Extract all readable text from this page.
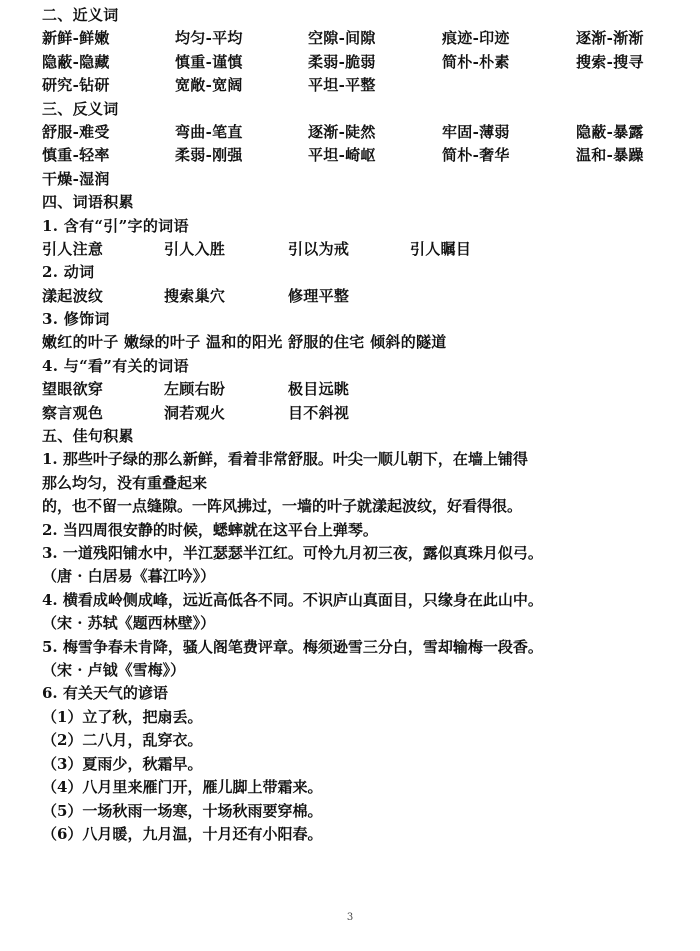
二、近义词
新鲜-鲜嫩	均匀-平均	空隙-间隙	痕迹-印迹	逐渐-渐渐
隐蔽-隐藏	慎重-谨慎	柔弱-脆弱	简朴-朴素	搜索-搜寻
研究-钻研	宽敞-宽阔	平坦-平整
三、反义词
舒服-难受	弯曲-笔直	逐渐-陡然	牢固-薄弱	隐蔽-暴露
慎重-轻率	柔弱-刚强	平坦-崎岖	简朴-奢华	温和-暴躁
干燥-湿润
四、词语积累
1. 含有“引”字的词语
引人注意	引人入胜	引以为戒	引人瞩目
2. 动词
漾起波纹	搜索巢穴	修理平整
3. 修饰词
嫩红的叶子 嫩绿的叶子 温和的阳光 舒服的住宅 倾斜的隧道
4. 与“看”有关的词语
望眼欲穿	左顾右盼	极目远眺
察言观色	洞若观火	目不斜视
五、佳句积累
1. 那些叶子绿的那么新鲜，看着非常舒服。叶尖一顺儿朝下，在墙上铺得
那么均匀，没有重叠起来
的，也不留一点缝隙。一阵风拂过，一墙的叶子就漾起波纹，好看得很。
2. 当四周很安静的时候，蟋蟀就在这平台上弹琴。
3. 一道残阳铺水中，半江瑟瑟半江红。可怜九月初三夜，露似真珠月似弓。
（唐 · 白居易《暮江吟》）
4. 横看成岭侧成峰，远近高低各不同。不识庐山真面目，只缘身在此山中。
（宋 · 苏轼《题西林壁》）
5. 梅雪争春未肯降，骚人阁笔费评章。梅须逊雪三分白，雪却输梅一段香。
（宋 · 卢钺《雪梅》）
6. 有关天气的谚语
（1）立了秋，把扇丢。
（2）二八月，乱穿衣。
（3）夏雨少，秋霜早。
（4）八月里来雁门开，雁儿脚上带霜来。
（5）一场秋雨一场寒，十场秋雨要穿棉。
（6）八月暖，九月温，十月还有小阳春。
3
